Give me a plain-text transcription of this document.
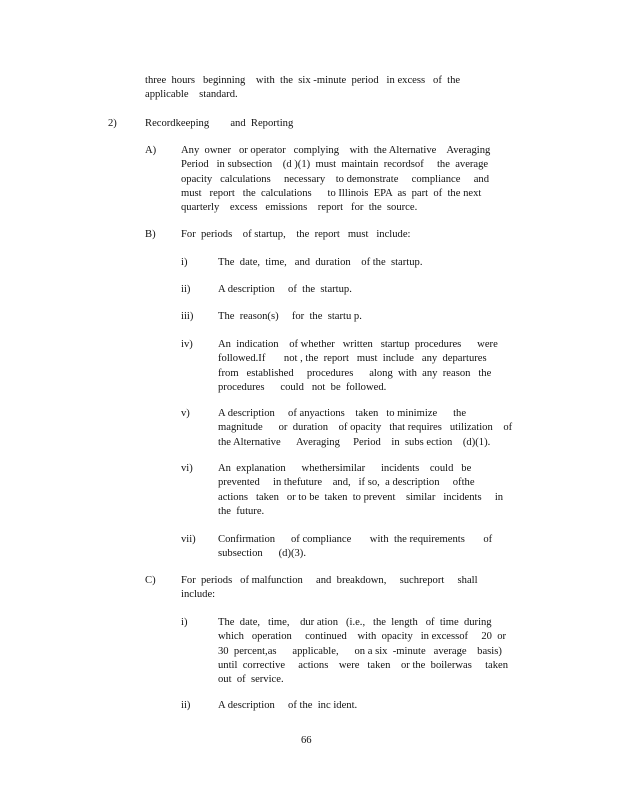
three  hours   beginning    with  the  six -minute  period   in excess   of  the
applicable    standard.

2)	Recordkeeping        and  Reporting
A) Any  owner   or operator   complying    with  the Alternative    Averaging
Period   in subsection    (d )(1)  must  maintain  recordsof     the  average
opacity   calculations     necessary    to demonstrate     compliance     and
must   report   the  calculations      to Illinois  EPA  as  part  of  the next
quarterly    excess   emissions    report   for  the  source.

B) For  periods    of startup,    the  report   must   include:

i)	The  date,  time,   and  duration    of the  startup.

ii)	A description     of  the  startup.

iii) The  reason(s)     for  the  startu p.

iv) An  indication    of whether   written   startup  procedures      were
followed.If       not , the  report   must  include   any  departures
from   established     procedures      along  with  any  reason   the
procedures      could   not  be  followed.

v)	A description     of anyactions    taken   to minimize      the
magnitude      or  duration    of opacity   that requires   utilization    of
the Alternative      Averaging     Period    in  subs ection    (d)(1).

vi) An  explanation      whethersimilar      incidents    could   be
prevented     in thefuture    and,   if so,  a description     ofthe
actions   taken   or to be  taken  to prevent    similar   incidents     in
the  future.

vii) Confirmation      of compliance       with  the requirements       of
subsection      (d)(3).

C) For  periods   of malfunction     and  breakdown,     suchreport     shall
include:

i)	The  date,   time,    dur ation   (i.e.,   the  length   of  time  during
which   operation     continued    with  opacity   in excessof     20  or
30  percent,as      applicable,      on a six  -minute   average    basis)
until  corrective     actions    were   taken    or the  boilerwas     taken
out  of  service.

ii)	A description     of the  inc ident.

66
